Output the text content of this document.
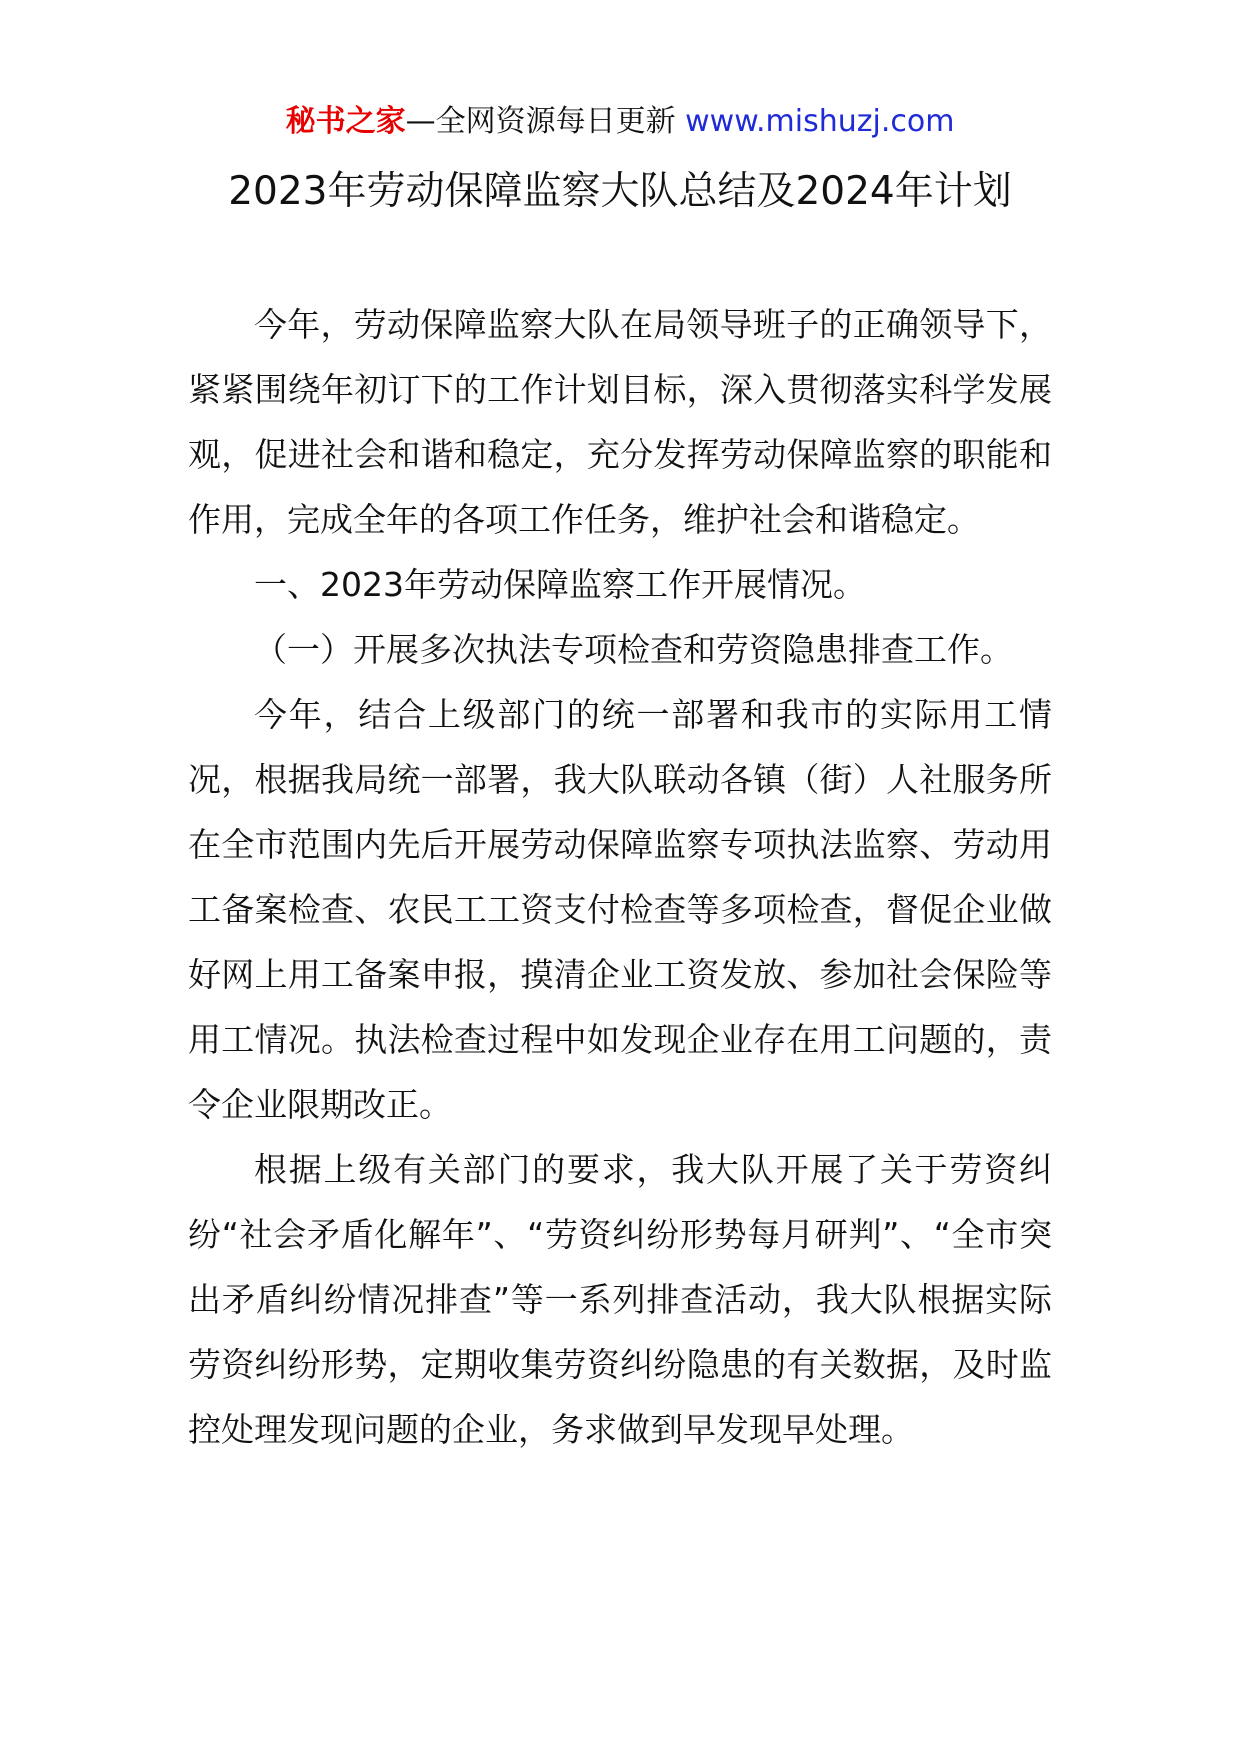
秘书之家—全网资源每日更新 www.mishuzj.com
2023年劳动保障监察大队总结及2024年计划

今年，劳动保障监察大队在局领导班子的正确领导下，紧紧围绕年初订下的工作计划目标，深入贯彻落实科学发展观，促进社会和谐和稳定，充分发挥劳动保障监察的职能和作用，完成全年的各项工作任务，维护社会和谐稳定。

一、2023年劳动保障监察工作开展情况。

（一）开展多次执法专项检查和劳资隐患排查工作。

今年，结合上级部门的统一部署和我市的实际用工情况，根据我局统一部署，我大队联动各镇（街）人社服务所在全市范围内先后开展劳动保障监察专项执法监察、劳动用工备案检查、农民工工资支付检查等多项检查，督促企业做好网上用工备案申报，摸清企业工资发放、参加社会保险等用工情况。执法检查过程中如发现企业存在用工问题的，责令企业限期改正。

根据上级有关部门的要求，我大队开展了关于劳资纠纷“社会矛盾化解年”、“劳资纠纷形势每月研判”、“全市突出矛盾纠纷情况排查”等一系列排查活动，我大队根据实际劳资纠纷形势，定期收集劳资纠纷隐患的有关数据，及时监控处理发现问题的企业，务求做到早发现早处理。
